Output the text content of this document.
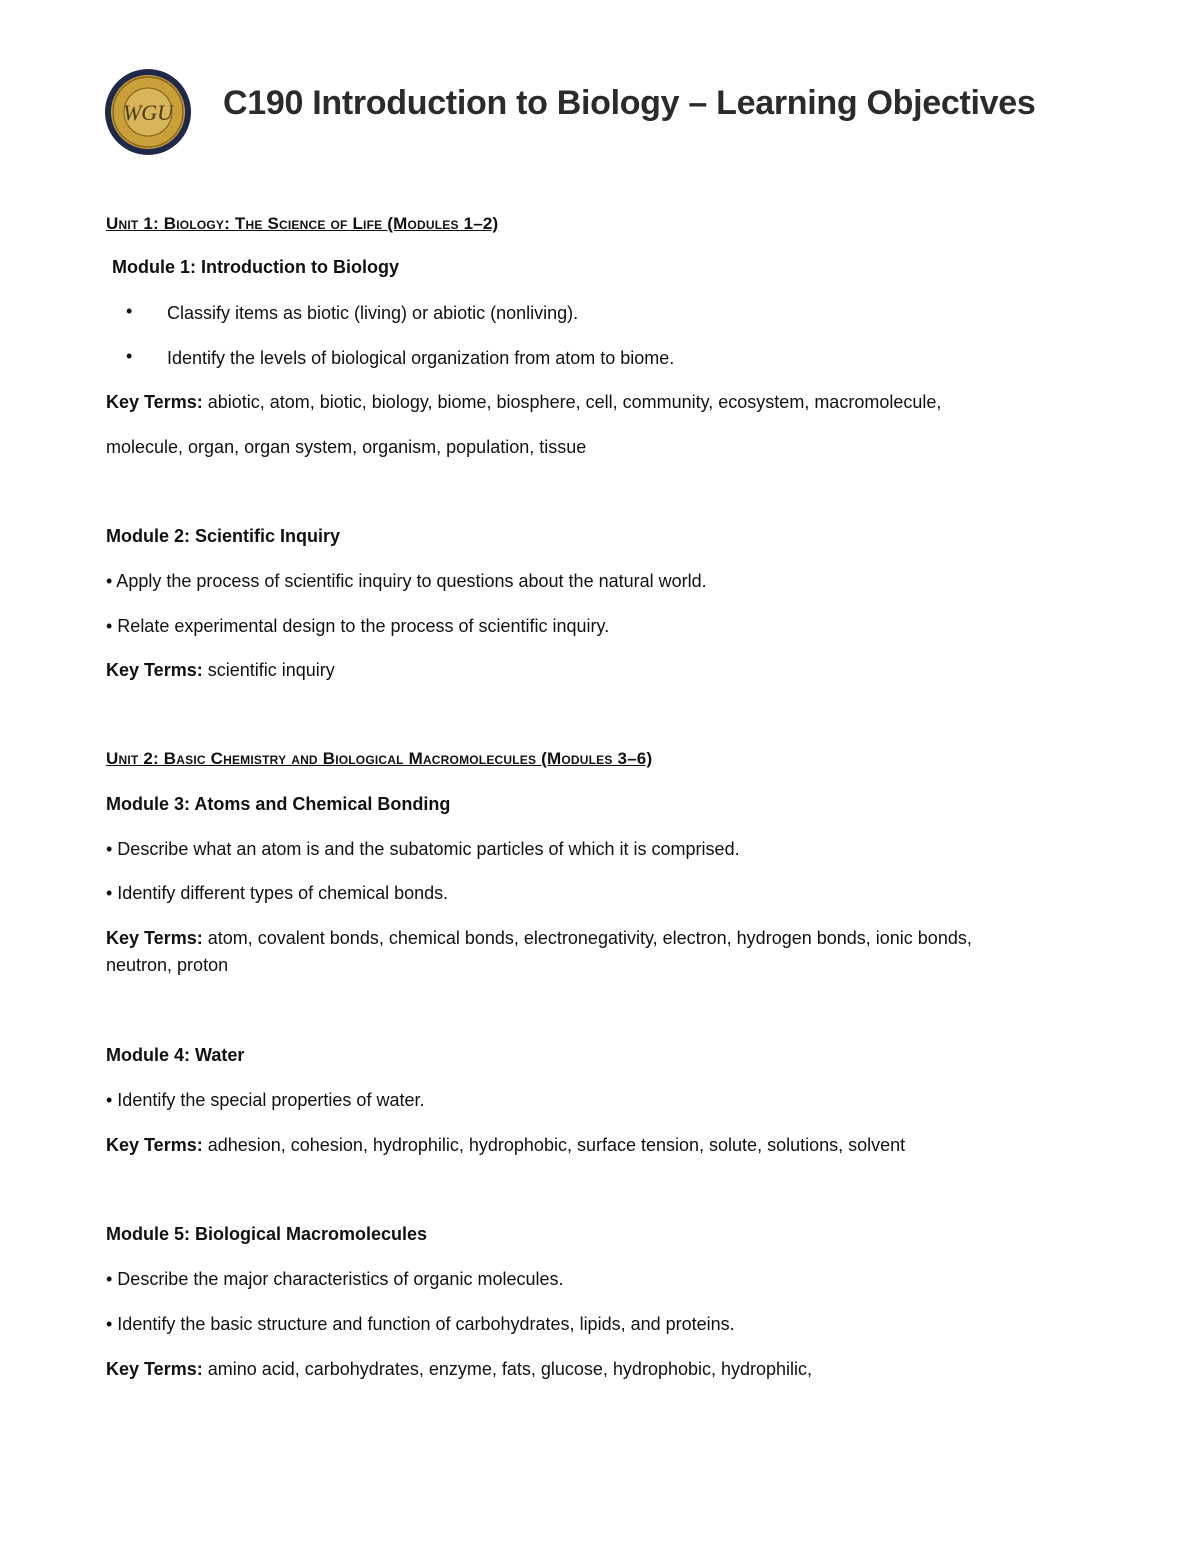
WGU C190 Introduction to Biology – Learning Objectives
Unit 1: Biology: The Science of Life (Modules 1–2)
Module 1: Introduction to Biology
• Classify items as biotic (living) or abiotic (nonliving).
• Identify the levels of biological organization from atom to biome.
Key Terms: abiotic, atom, biotic, biology, biome, biosphere, cell, community, ecosystem, macromolecule,
molecule, organ, organ system, organism, population, tissue
Module 2: Scientific Inquiry
• Apply the process of scientific inquiry to questions about the natural world.
• Relate experimental design to the process of scientific inquiry.
Key Terms: scientific inquiry
Unit 2: Basic Chemistry and Biological Macromolecules (Modules 3–6)
Module 3: Atoms and Chemical Bonding
• Describe what an atom is and the subatomic particles of which it is comprised.
• Identify different types of chemical bonds.
Key Terms: atom, covalent bonds, chemical bonds, electronegativity, electron, hydrogen bonds, ionic bonds,
neutron, proton
Module 4: Water
• Identify the special properties of water.
Key Terms: adhesion, cohesion, hydrophilic, hydrophobic, surface tension, solute, solutions, solvent
Module 5: Biological Macromolecules
• Describe the major characteristics of organic molecules.
• Identify the basic structure and function of carbohydrates, lipids, and proteins.
Key Terms: amino acid, carbohydrates, enzyme, fats, glucose, hydrophobic, hydrophilic,
